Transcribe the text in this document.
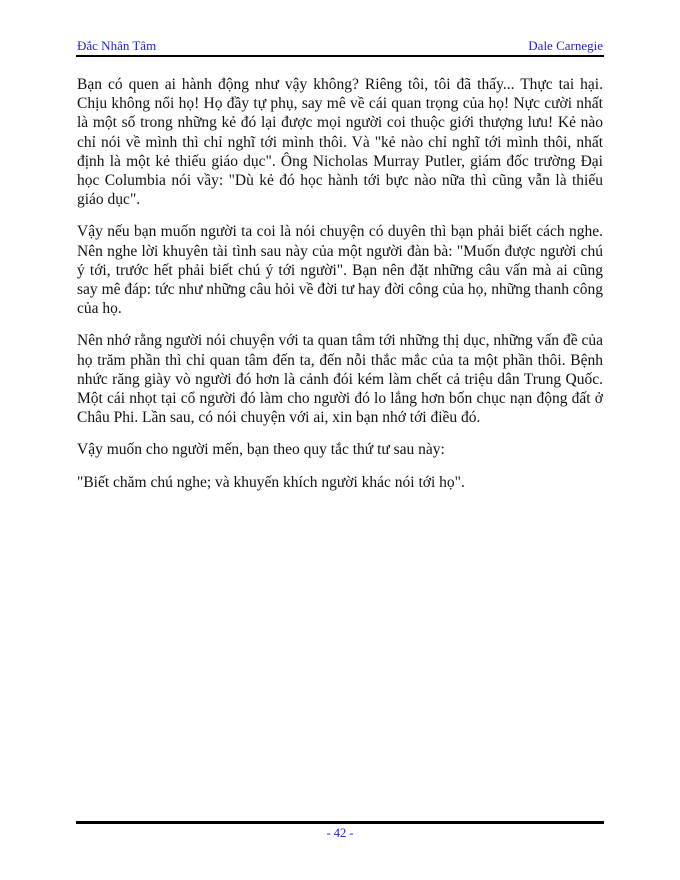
Đắc Nhân Tâm	Dale Carnegie

Bạn có quen ai hành động như vậy không? Riêng tôi, tôi đã thấy... Thực tai hại. Chịu không nổi họ! Họ đầy tự phụ, say mê về cái quan trọng của họ! Nực cười nhất là một số trong những kẻ đó lại được mọi người coi thuộc giới thượng lưu! Kẻ nào chỉ nói về mình thì chỉ nghĩ tới mình thôi. Và "kẻ nào chỉ nghĩ tới mình thôi, nhất định là một kẻ thiếu giáo dục". Ông Nicholas Murray Putler, giám đốc trường Đại học Columbia nói vầy: "Dù kẻ đó học hành tới bực nào nữa thì cũng vẫn là thiếu giáo dục".

Vậy nếu bạn muốn người ta coi là nói chuyện có duyên thì bạn phải biết cách nghe. Nên nghe lời khuyên tài tình sau này của một người đàn bà: "Muốn được người chú ý tới, trước hết phải biết chú ý tới người". Bạn nên đặt những câu vấn mà ai cũng say mê đáp: tức như những câu hỏi về đời tư hay đời công của họ, những thanh công của họ.

Nên nhớ rằng người nói chuyện với ta quan tâm tới những thị dục, những vấn đề của họ trăm phần thì chỉ quan tâm đến ta, đến nỗi thắc mắc của ta một phần thôi. Bệnh nhức răng giày vò người đó hơn là cảnh đói kém làm chết cả triệu dân Trung Quốc. Một cái nhọt tại cổ người đó làm cho người đó lo lắng hơn bốn chục nạn động đất ở Châu Phi. Lần sau, có nói chuyện với ai, xin bạn nhớ tới điều đó.

Vậy muốn cho người mến, bạn theo quy tắc thứ tư sau này:

"Biết chăm chú nghe; và khuyến khích người khác nói tới họ".

- 42 -
